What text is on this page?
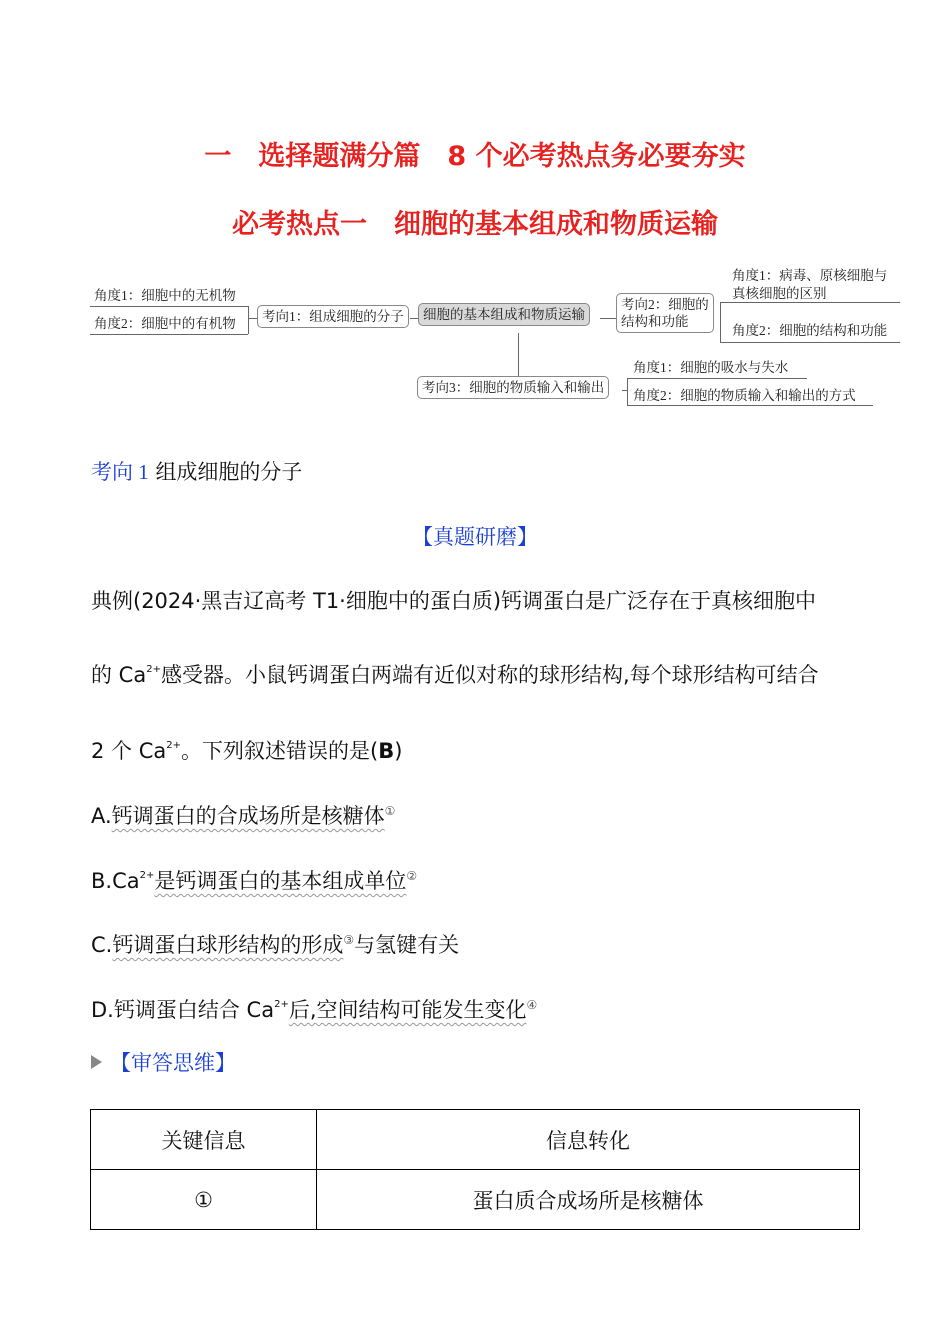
一　选择题满分篇　8 个必考热点务必要夯实
必考热点一　细胞的基本组成和物质运输
角度1：细胞中的无机物
角度2：细胞中的有机物	考向1：组成细胞的分子	细胞的基本组成和物质运输
考向2：细胞的
结构和功能
角度1：病毒、原核细胞与
真核细胞的区别
角度2：细胞的结构和功能
考向3：细胞的物质输入和输出
角度1：细胞的吸水与失水
角度2：细胞的物质输入和输出的方式
考向 1 组成细胞的分子
【真题研磨】
典例(2024·黑吉辽高考 T1·细胞中的蛋白质)钙调蛋白是广泛存在于真核细胞中
的 $Ca^{2+}$感受器。小鼠钙调蛋白两端有近似对称的球形结构,每个球形结构可结合
2 个 $Ca^{2+}$。下列叙述错误的是(B)
A.钙调蛋白的合成场所是核糖体①
$B.Ca^{2+}$是钙调蛋白的基本组成单位②
C.钙调蛋白球形结构的形成③与氢键有关
D.钙调蛋白结合 $Ca^{2+}$后,空间结构可能发生变化④
【审答思维】
关键信息	信息转化
①	蛋白质合成场所是核糖体
